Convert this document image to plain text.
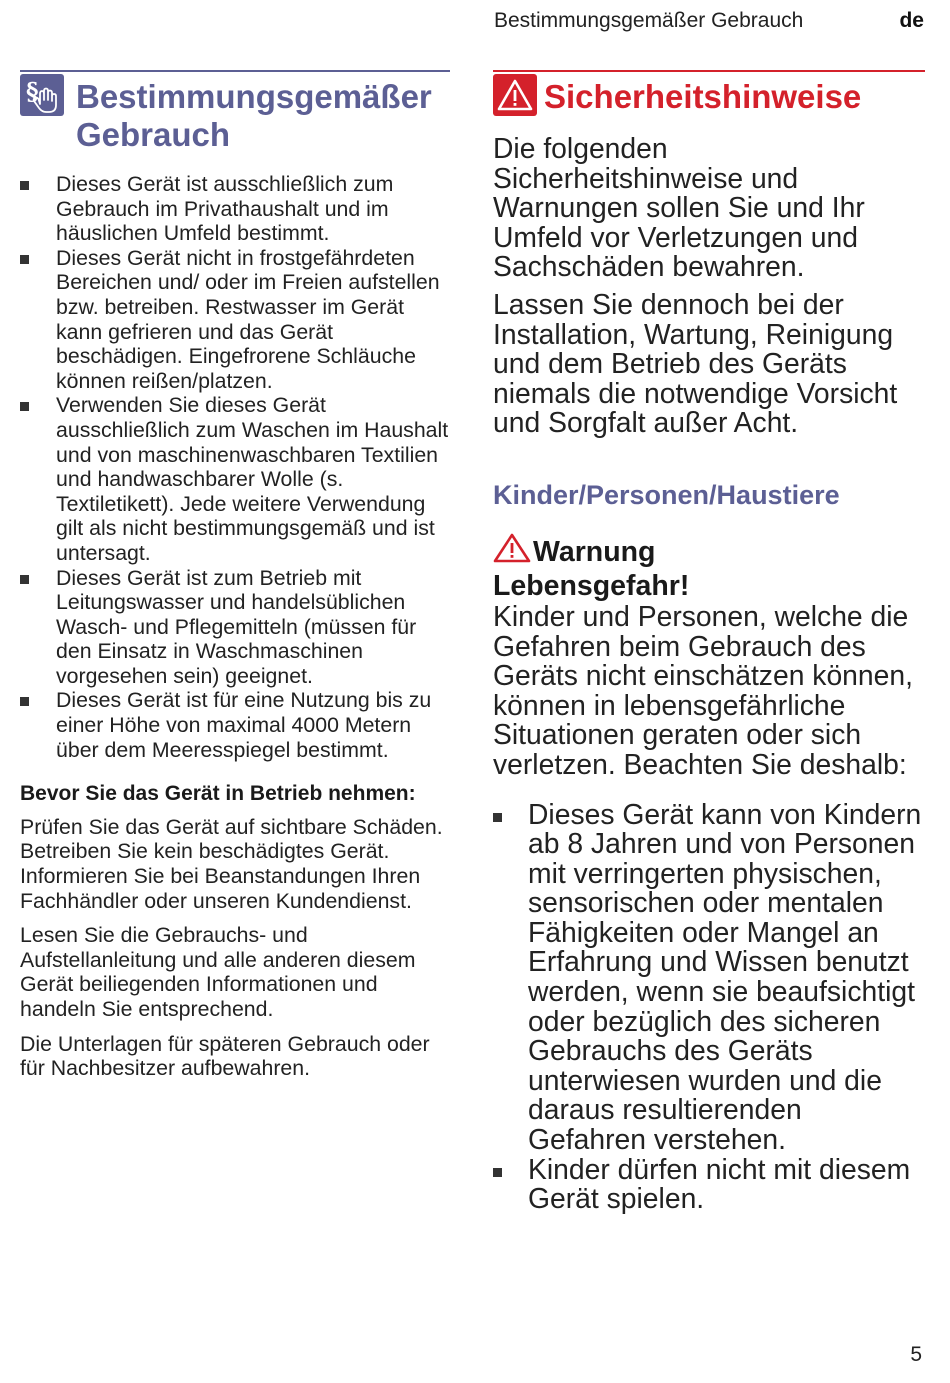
Bestimmungsgemäßer Gebrauch	de
§	Bestimmungsgemäßer Gebrauch
Dieses Gerät ist ausschließlich zum Gebrauch im Privathaushalt und im häuslichen Umfeld bestimmt.
Dieses Gerät nicht in frostgefährdeten Bereichen und/ oder im Freien aufstellen bzw. betreiben. Restwasser im Gerät kann gefrieren und das Gerät beschädigen. Eingefrorene Schläuche können reißen/platzen.
Verwenden Sie dieses Gerät ausschließlich zum Waschen im Haushalt und von maschinenwaschbaren Textilien und handwaschbarer Wolle (s. Textiletikett). Jede weitere Verwendung gilt als nicht bestimmungsgemäß und ist untersagt.
Dieses Gerät ist zum Betrieb mit Leitungswasser und handelsüblichen Wasch- und Pflegemitteln (müssen für den Einsatz in Waschmaschinen vorgesehen sein) geeignet.
Dieses Gerät ist für eine Nutzung bis zu einer Höhe von maximal 4000 Metern über dem Meeresspiegel bestimmt.
Bevor Sie das Gerät in Betrieb nehmen:

Prüfen Sie das Gerät auf sichtbare Schäden. Betreiben Sie kein beschädigtes Gerät. Informieren Sie bei Beanstandungen Ihren Fachhändler oder unseren Kundendienst.

Lesen Sie die Gebrauchs- und Aufstellanleitung und alle anderen diesem Gerät beiliegenden Informationen und handeln Sie entsprechend.

Die Unterlagen für späteren Gebrauch oder für Nachbesitzer aufbewahren.

Sicherheitshinweise

Die folgenden Sicherheitshinweise und Warnungen sollen Sie und Ihr Umfeld vor Verletzungen und Sachschäden bewahren.

Lassen Sie dennoch bei der Installation, Wartung, Reinigung und dem Betrieb des Geräts niemals die notwendige Vorsicht und Sorgfalt außer Acht.

Kinder/Personen/Haustiere
Warnung
Lebensgefahr!

Kinder und Personen, welche die Gefahren beim Gebrauch des Geräts nicht einschätzen können, können in lebensgefährliche Situationen geraten oder sich verletzen. Beachten Sie deshalb:

Dieses Gerät kann von Kindern ab 8 Jahren und von Personen mit verringerten physischen, sensorischen oder mentalen Fähigkeiten oder Mangel an Erfahrung und Wissen benutzt werden, wenn sie beaufsichtigt oder bezüglich des sicheren Gebrauchs des Geräts unterwiesen wurden und die daraus resultierenden Gefahren verstehen.
Kinder dürfen nicht mit diesem Gerät spielen.
5
